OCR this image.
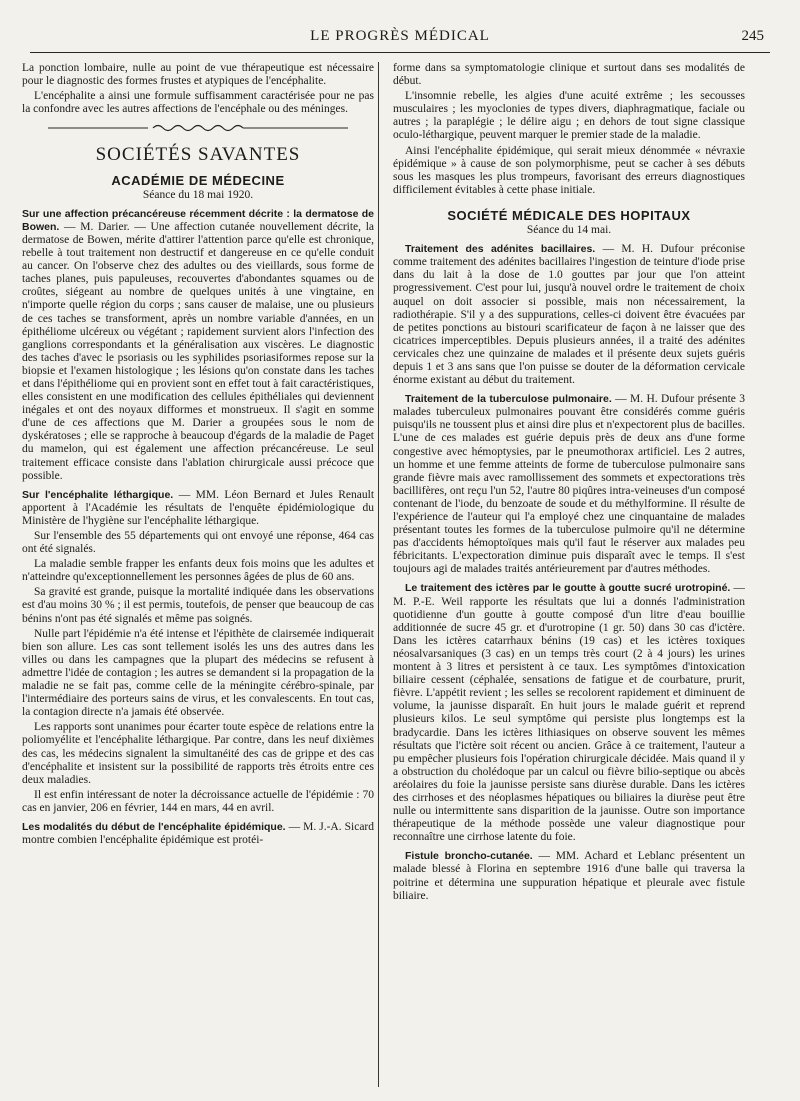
LE PROGRÈS MÉDICAL	245

La ponction lombaire, nulle au point de vue thérapeutique est nécessaire pour le diagnostic des formes frustes et atypiques de l'encéphalite.

L'encéphalite a ainsi une formule suffisamment caractérisée pour ne pas la confondre avec les autres affections de l'encéphale ou des méninges.

SOCIÉTÉS SAVANTES
ACADÉMIE DE MÉDECINE
Séance du 18 mai 1920.

Sur une affection précancéreuse récemment décrite : la dermatose de Bowen. — M. Darier. — Une affection cutanée nouvellement décrite, la dermatose de Bowen, mérite d'attirer l'attention parce qu'elle est chronique, rebelle à tout traitement non destructif et dangereuse en ce qu'elle conduit au cancer. On l'observe chez des adultes ou des vieillards, sous forme de taches planes, puis papuleuses, recouvertes d'abondantes squames ou de croûtes, siégeant au nombre de quelques unités à une vingtaine, en n'importe quelle région du corps ; sans causer de malaise, une ou plusieurs de ces taches se transforment, après un nombre variable d'années, en un épithéliome ulcéreux ou végétant ; rapidement survient alors l'infection des ganglions correspondants et la généralisation aux viscères. Le diagnostic des taches d'avec le psoriasis ou les syphilides psoriasiformes repose sur la biopsie et l'examen histologique ; les lésions qu'on constate dans les taches et dans l'épithéliome qui en provient sont en effet tout à fait caractéristiques, elles consistent en une modification des cellules épithéliales qui deviennent inégales et ont des noyaux difformes et monstrueux. Il s'agit en somme d'une de ces affections que M. Darier a groupées sous le nom de dyskératoses ; elle se rapproche à beaucoup d'égards de la maladie de Paget du mamelon, qui est également une affection précancéreuse. Le seul traitement efficace consiste dans l'ablation chirurgicale aussi précoce que possible.

Sur l'encéphalite léthargique. — MM. Léon Bernard et Jules Renault apportent à l'Académie les résultats de l'enquête épidémiologique du Ministère de l'hygiène sur l'encéphalite léthargique.

Sur l'ensemble des 55 départements qui ont envoyé une réponse, 464 cas ont été signalés.

La maladie semble frapper les enfants deux fois moins que les adultes et n'atteindre qu'exceptionnellement les personnes âgées de plus de 60 ans.

Sa gravité est grande, puisque la mortalité indiquée dans les observations est d'au moins 30 % ; il est permis, toutefois, de penser que beaucoup de cas bénins n'ont pas été signalés et même pas soignés.

Nulle part l'épidémie n'a été intense et l'épithète de clairsemée indiquerait bien son allure. Les cas sont tellement isolés les uns des autres dans les villes ou dans les campagnes que la plupart des médecins se refusent à admettre l'idée de contagion ; les autres se demandent si la propagation de la maladie ne se fait pas, comme celle de la méningite cérébro-spinale, par l'intermédiaire des porteurs sains de virus, et les convalescents. En tout cas, la contagion directe n'a jamais été observée.

Les rapports sont unanimes pour écarter toute espèce de relations entre la poliomyélite et l'encéphalite léthargique. Par contre, dans les neuf dixièmes des cas, les médecins signalent la simultanéité des cas de grippe et des cas d'encéphalite et insistent sur la possibilité de rapports très étroits entre ces deux maladies.

Il est enfin intéressant de noter la décroissance actuelle de l'épidémie : 70 cas en janvier, 206 en février, 144 en mars, 44 en avril.

Les modalités du début de l'encéphalite épidémique. — M. J.-A. Sicard montre combien l'encéphalite épidémique est protéi-

forme dans sa symptomatologie clinique et surtout dans ses modalités de début.

L'insomnie rebelle, les algies d'une acuité extrême ; les secousses musculaires ; les myoclonies de types divers, diaphragmatique, faciale ou autres ; la paraplégie ; le délire aigu ; en dehors de tout signe classique oculo-léthargique, peuvent marquer le premier stade de la maladie.

Ainsi l'encéphalite épidémique, qui serait mieux dénommée « névraxie épidémique » à cause de son polymorphisme, peut se cacher à ses débuts sous les masques les plus trompeurs, favorisant des erreurs diagnostiques difficilement évitables à cette phase initiale.

SOCIÉTÉ MÉDICALE DES HOPITAUX
Séance du 14 mai.

Traitement des adénites bacillaires. — M. H. Dufour préconise comme traitement des adénites bacillaires l'ingestion de teinture d'iode prise dans du lait à la dose de 1.0 gouttes par jour que l'on atteint progressivement. C'est pour lui, jusqu'à nouvel ordre le traitement de choix auquel on doit associer si possible, mais non nécessairement, la radiothérapie. S'il y a des suppurations, celles-ci doivent être évacuées par de petites ponctions au bistouri scarificateur de façon à ne laisser que des cicatrices imperceptibles. Depuis plusieurs années, il a traité des adénites cervicales chez une quinzaine de malades et il présente deux sujets guéris depuis 1 et 3 ans sans que l'on puisse se douter de la déformation cervicale énorme existant au début du traitement.

Traitement de la tuberculose pulmonaire. — M. H. Dufour présente 3 malades tuberculeux pulmonaires pouvant être considérés comme guéris puisqu'ils ne toussent plus et ainsi dire plus et n'expectorent plus de bacilles. L'une de ces malades est guérie depuis près de deux ans d'une forme congestive avec hémoptysies, par le pneumothorax artificiel. Les 2 autres, un homme et une femme atteints de forme de tuberculose pulmonaire sans grande fièvre mais avec ramollissement des sommets et expectorations très bacillifères, ont reçu l'un 52, l'autre 80 piqûres intra-veineuses d'un composé contenant de l'iode, du benzoate de soude et du méthylformine. Il résulte de l'expérience de l'auteur qui l'a employé chez une cinquantaine de malades présentant toutes les formes de la tuberculose pulmoire qu'il ne détermine pas d'accidents hémoptoïques mais qu'il faut le réserver aux malades peu fébricitants. L'expectoration diminue puis disparaît avec le temps. Il s'est toujours agi de malades traités antérieurement par d'autres méthodes.

Le traitement des ictères par le goutte à goutte sucré urotropiné. — M. P.-E. Weil rapporte les résultats que lui a donnés l'administration quotidienne d'un goutte à goutte composé d'un litre d'eau bouillie additionnée de sucre 45 gr. et d'urotropine (1 gr. 50) dans 30 cas d'ictère. Dans les ictères catarrhaux bénins (19 cas) et les ictères toxiques néosalvarsaniques (3 cas) en un temps très court (2 à 4 jours) les urines montent à 3 litres et persistent à ce taux. Les symptômes d'intoxication biliaire cessent (céphalée, sensations de fatigue et de courbature, prurit, fièvre. L'appétit revient ; les selles se recolorent rapidement et diminuent de volume, la jaunisse disparaît. En huit jours le malade guérit et reprend plusieurs kilos. Le seul symptôme qui persiste plus longtemps est la bradycardie. Dans les ictères lithiasiques on observe souvent les mêmes résultats que l'ictère soit récent ou ancien. Grâce à ce traitement, l'auteur a pu empêcher plusieurs fois l'opération chirurgicale décidée. Mais quand il y a obstruction du cholédoque par un calcul ou fièvre bilio-septique ou abcès aréolaires du foie la jaunisse persiste sans diurèse durable. Dans les ictères des cirrhoses et des néoplasmes hépatiques ou biliaires la diurèse peut être nulle ou intermittente sans disparition de la jaunisse. Outre son importance thérapeutique de la méthode possède une valeur diagnostique pour reconnaître une cirrhose latente du foie.

Fistule broncho-cutanée. — MM. Achard et Leblanc présentent un malade blessé à Florina en septembre 1916 d'une balle qui traversa la poitrine et détermina une suppuration hépatique et pleurale avec fistule biliaire.
